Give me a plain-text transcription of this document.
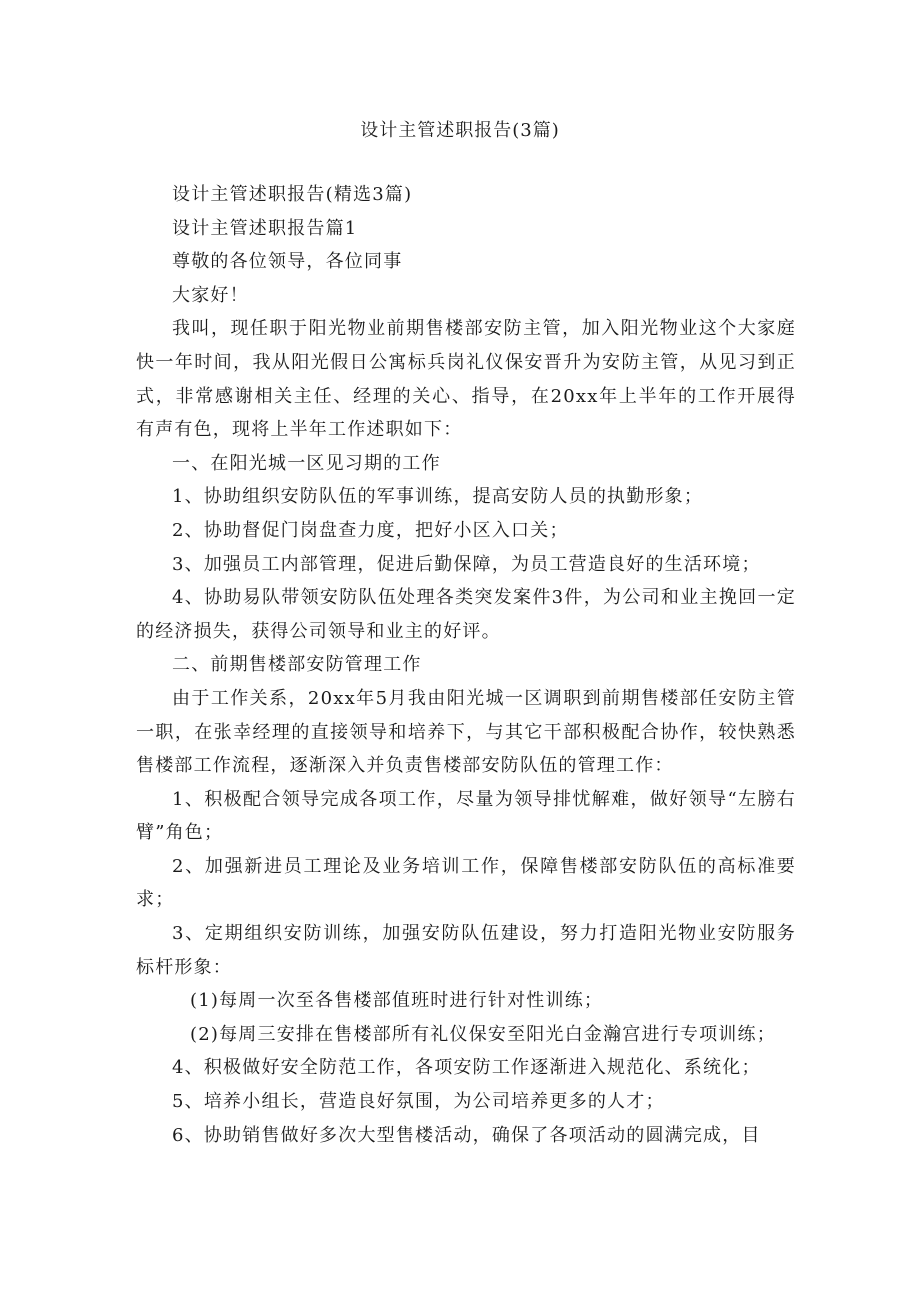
设计主管述职报告(3篇)

设计主管述职报告(精选3篇)

设计主管述职报告篇1

尊敬的各位领导，各位同事

大家好！

我叫，现任职于阳光物业前期售楼部安防主管，加入阳光物业这个大家庭快一年时间，我从阳光假日公寓标兵岗礼仪保安晋升为安防主管，从见习到正式，非常感谢相关主任、经理的关心、指导，在20xx年上半年的工作开展得有声有色，现将上半年工作述职如下：

一、在阳光城一区见习期的工作

1、协助组织安防队伍的军事训练，提高安防人员的执勤形象；

2、协助督促门岗盘查力度，把好小区入口关；

3、加强员工内部管理，促进后勤保障，为员工营造良好的生活环境；

4、协助易队带领安防队伍处理各类突发案件3件，为公司和业主挽回一定的经济损失，获得公司领导和业主的好评。

二、前期售楼部安防管理工作

由于工作关系，20xx年5月我由阳光城一区调职到前期售楼部任安防主管一职，在张幸经理的直接领导和培养下，与其它干部积极配合协作，较快熟悉售楼部工作流程，逐渐深入并负责售楼部安防队伍的管理工作：

1、积极配合领导完成各项工作，尽量为领导排忧解难，做好领导“左膀右臂”角色；

2、加强新进员工理论及业务培训工作，保障售楼部安防队伍的高标准要求；

3、定期组织安防训练，加强安防队伍建设，努力打造阳光物业安防服务标杆形象：

(1)每周一次至各售楼部值班时进行针对性训练；

(2)每周三安排在售楼部所有礼仪保安至阳光白金瀚宫进行专项训练；

4、积极做好安全防范工作，各项安防工作逐渐进入规范化、系统化；

5、培养小组长，营造良好氛围，为公司培养更多的人才；

6、协助销售做好多次大型售楼活动，确保了各项活动的圆满完成，目
